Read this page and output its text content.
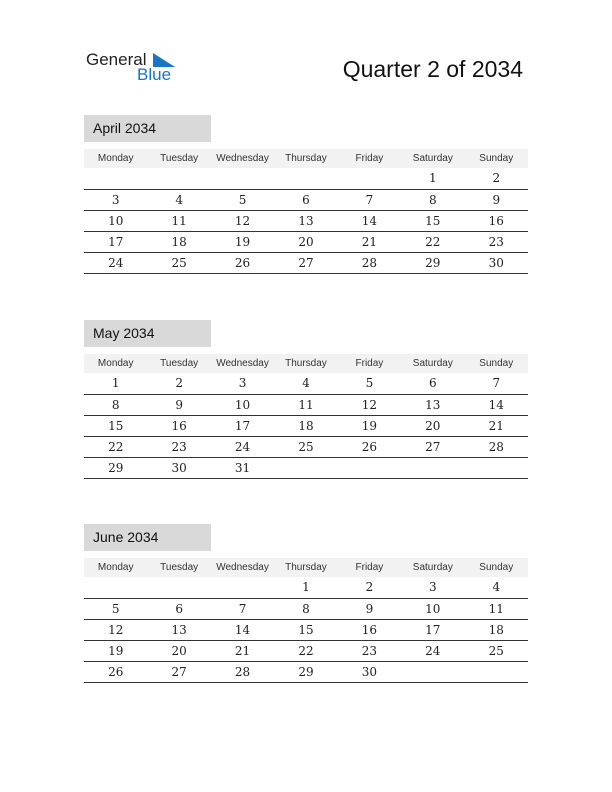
General
Blue	Quarter 2 of 2034
April 2034
Monday	Tuesday	Wednesday	Thursday	Friday	Saturday	Sunday
					1	2
3	4	5	6	7	8	9
10	11	12	13	14	15	16
17	18	19	20	21	22	23
24	25	26	27	28	29	30
May 2034
Monday	Tuesday	Wednesday	Thursday	Friday	Saturday	Sunday
1	2	3	4	5	6	7
8	9	10	11	12	13	14
15	16	17	18	19	20	21
22	23	24	25	26	27	28
29	30	31				
June 2034
Monday	Tuesday	Wednesday	Thursday	Friday	Saturday	Sunday
			1	2	3	4
5	6	7	8	9	10	11
12	13	14	15	16	17	18
19	20	21	22	23	24	25
26	27	28	29	30		
